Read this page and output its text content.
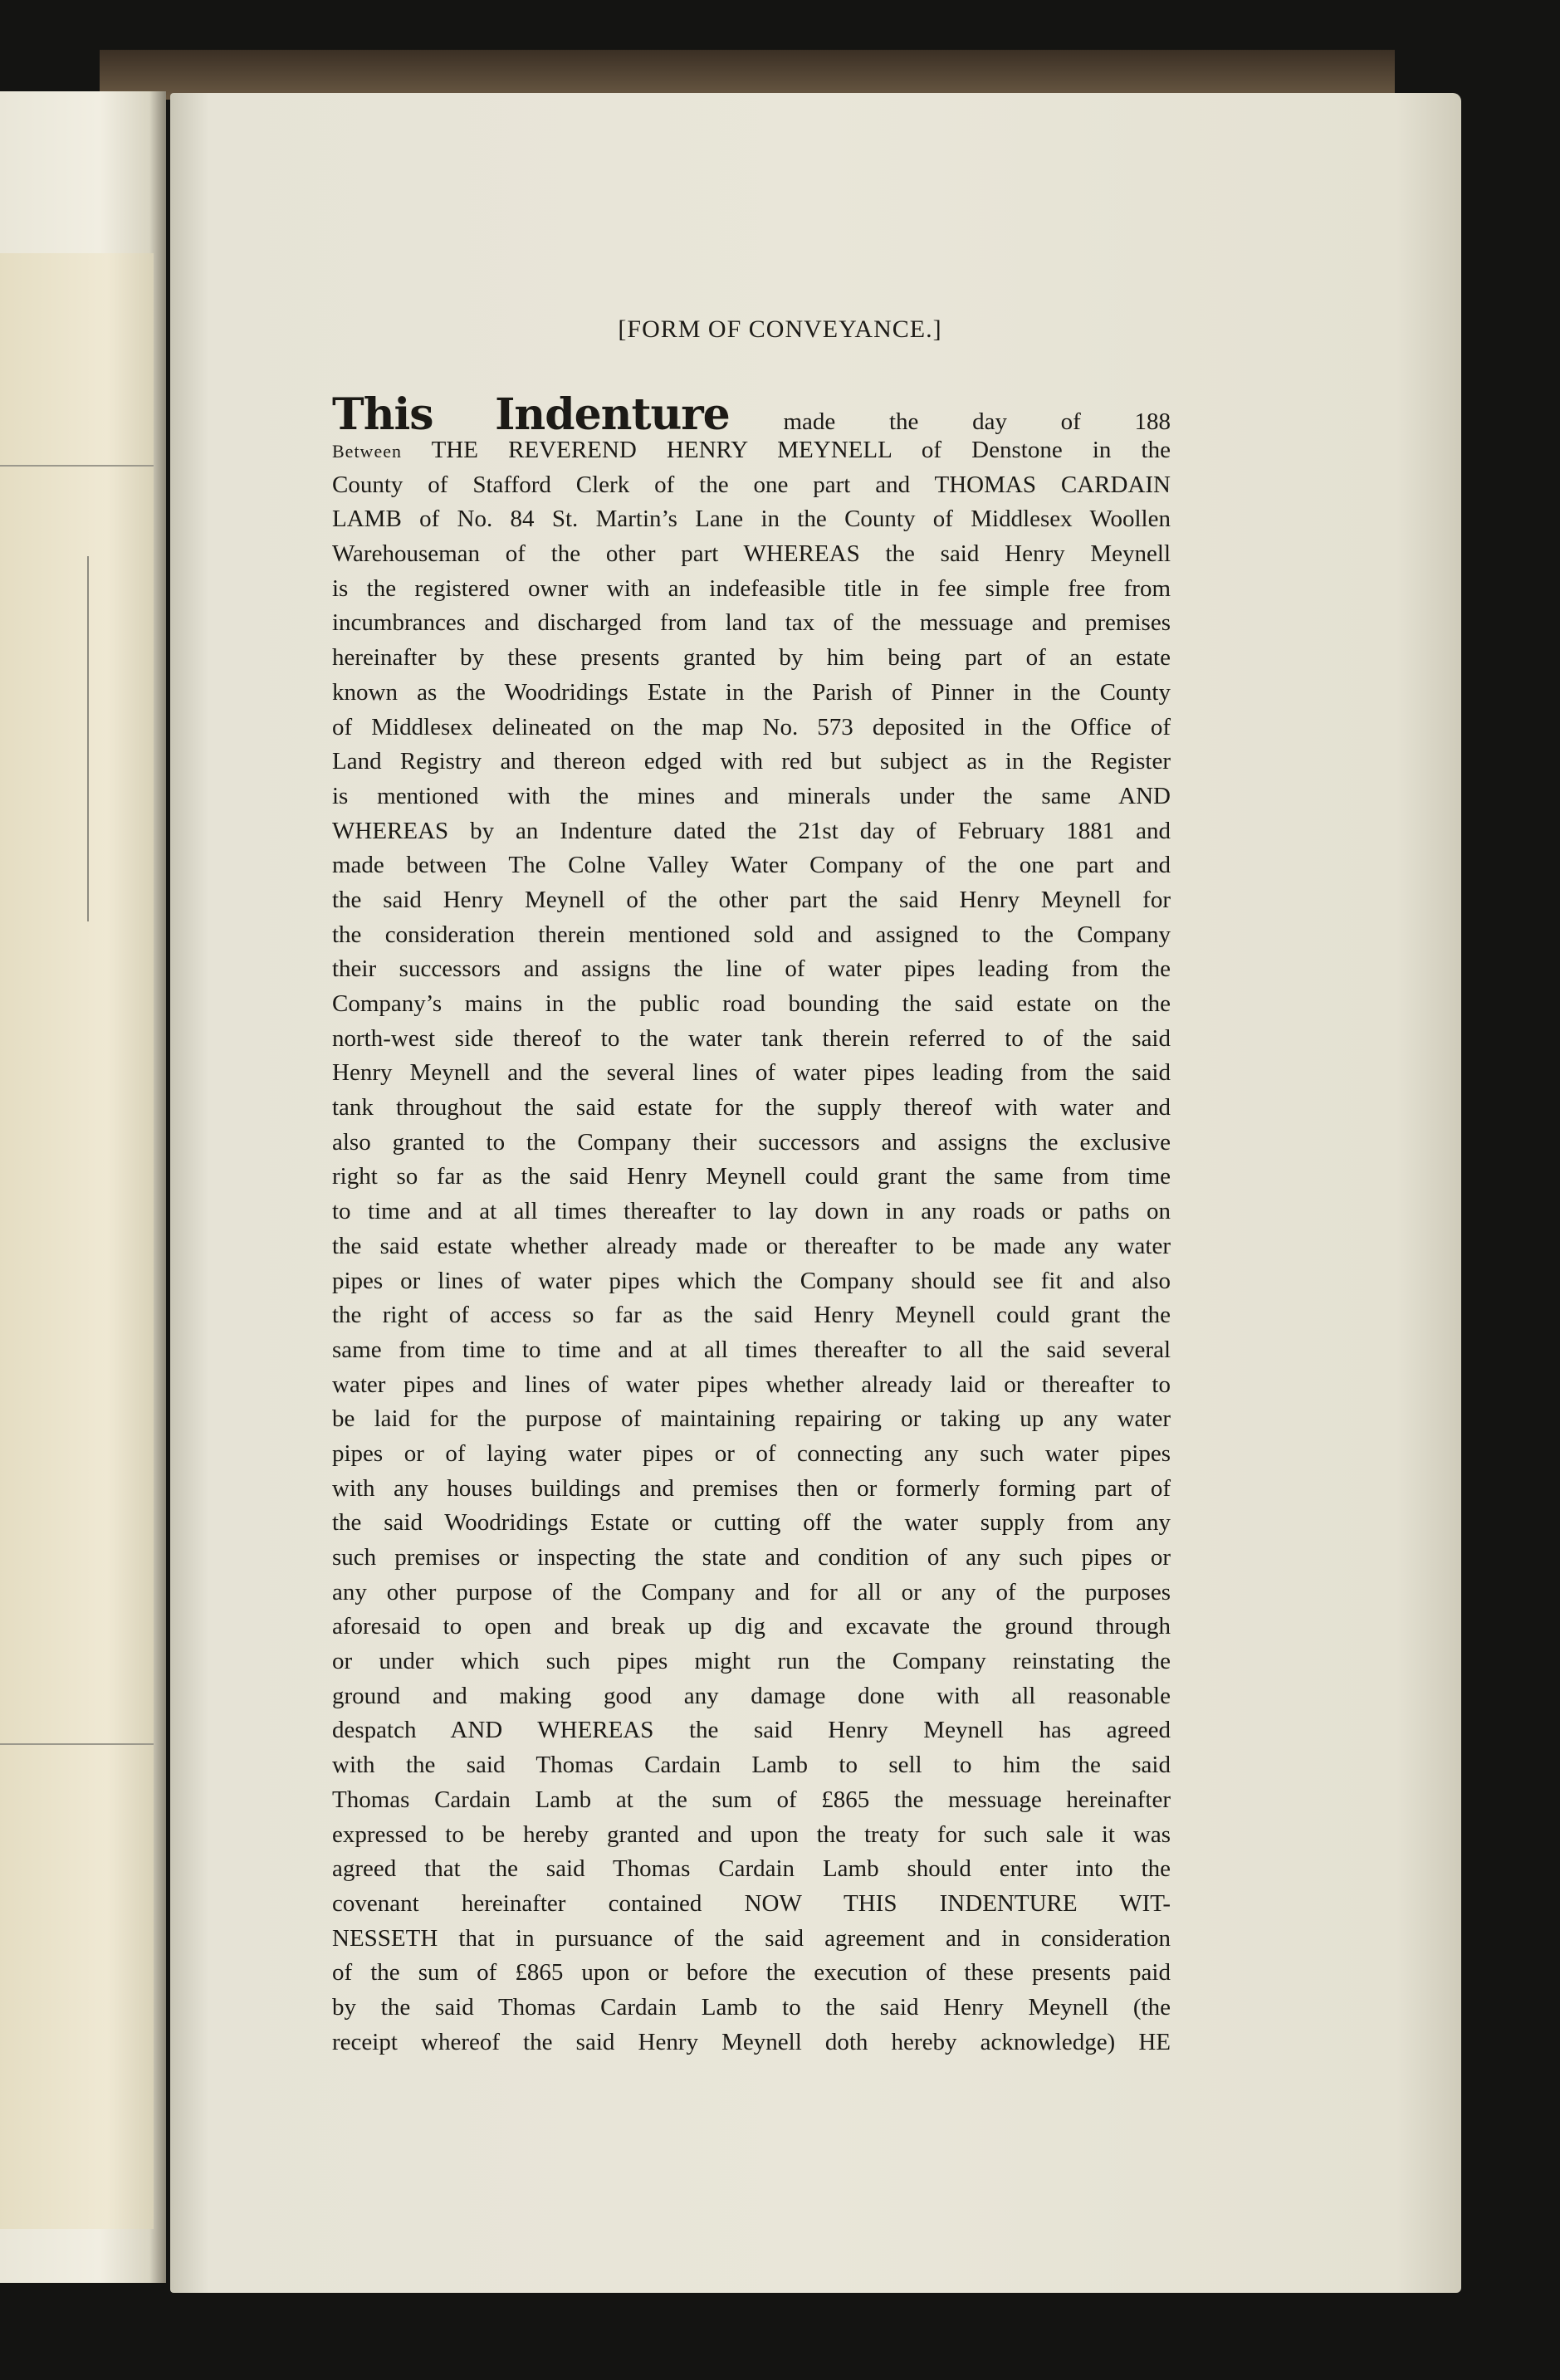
[FORM OF CONVEYANCE.]
This Indenture made the day of 188
Between THE REVEREND HENRY MEYNELL of Denstone in the
County of Stafford Clerk of the one part and THOMAS CARDAIN
LAMB of No. 84 St. Martin’s Lane in the County of Middlesex Woollen
Warehouseman of the other part WHEREAS the said Henry Meynell
is the registered owner with an indefeasible title in fee simple free from
incumbrances and discharged from land tax of the messuage and premises
hereinafter by these presents granted by him being part of an estate
known as the Woodridings Estate in the Parish of Pinner in the County
of Middlesex delineated on the map No. 573 deposited in the Office of
Land Registry and thereon edged with red but subject as in the Register
is mentioned with the mines and minerals under the same AND
WHEREAS by an Indenture dated the 21st day of February 1881 and
made between The Colne Valley Water Company of the one part and
the said Henry Meynell of the other part the said Henry Meynell for
the consideration therein mentioned sold and assigned to the Company
their successors and assigns the line of water pipes leading from the
Company’s mains in the public road bounding the said estate on the
north-west side thereof to the water tank therein referred to of the said
Henry Meynell and the several lines of water pipes leading from the said
tank throughout the said estate for the supply thereof with water and
also granted to the Company their successors and assigns the exclusive
right so far as the said Henry Meynell could grant the same from time
to time and at all times thereafter to lay down in any roads or paths on
the said estate whether already made or thereafter to be made any water
pipes or lines of water pipes which the Company should see fit and also
the right of access so far as the said Henry Meynell could grant the
same from time to time and at all times thereafter to all the said several
water pipes and lines of water pipes whether already laid or thereafter to
be laid for the purpose of maintaining repairing or taking up any water
pipes or of laying water pipes or of connecting any such water pipes
with any houses buildings and premises then or formerly forming part of
the said Woodridings Estate or cutting off the water supply from any
such premises or inspecting the state and condition of any such pipes or
any other purpose of the Company and for all or any of the purposes
aforesaid to open and break up dig and excavate the ground through
or under which such pipes might run the Company reinstating the
ground and making good any damage done with all reasonable
despatch AND WHEREAS the said Henry Meynell has agreed
with the said Thomas Cardain Lamb to sell to him the said
Thomas Cardain Lamb at the sum of £865 the messuage hereinafter
expressed to be hereby granted and upon the treaty for such sale it was
agreed that the said Thomas Cardain Lamb should enter into the
covenant hereinafter contained NOW THIS INDENTURE WIT-
NESSETH that in pursuance of the said agreement and in consideration
of the sum of £865 upon or before the execution of these presents paid
by the said Thomas Cardain Lamb to the said Henry Meynell (the
receipt whereof the said Henry Meynell doth hereby acknowledge) HE
